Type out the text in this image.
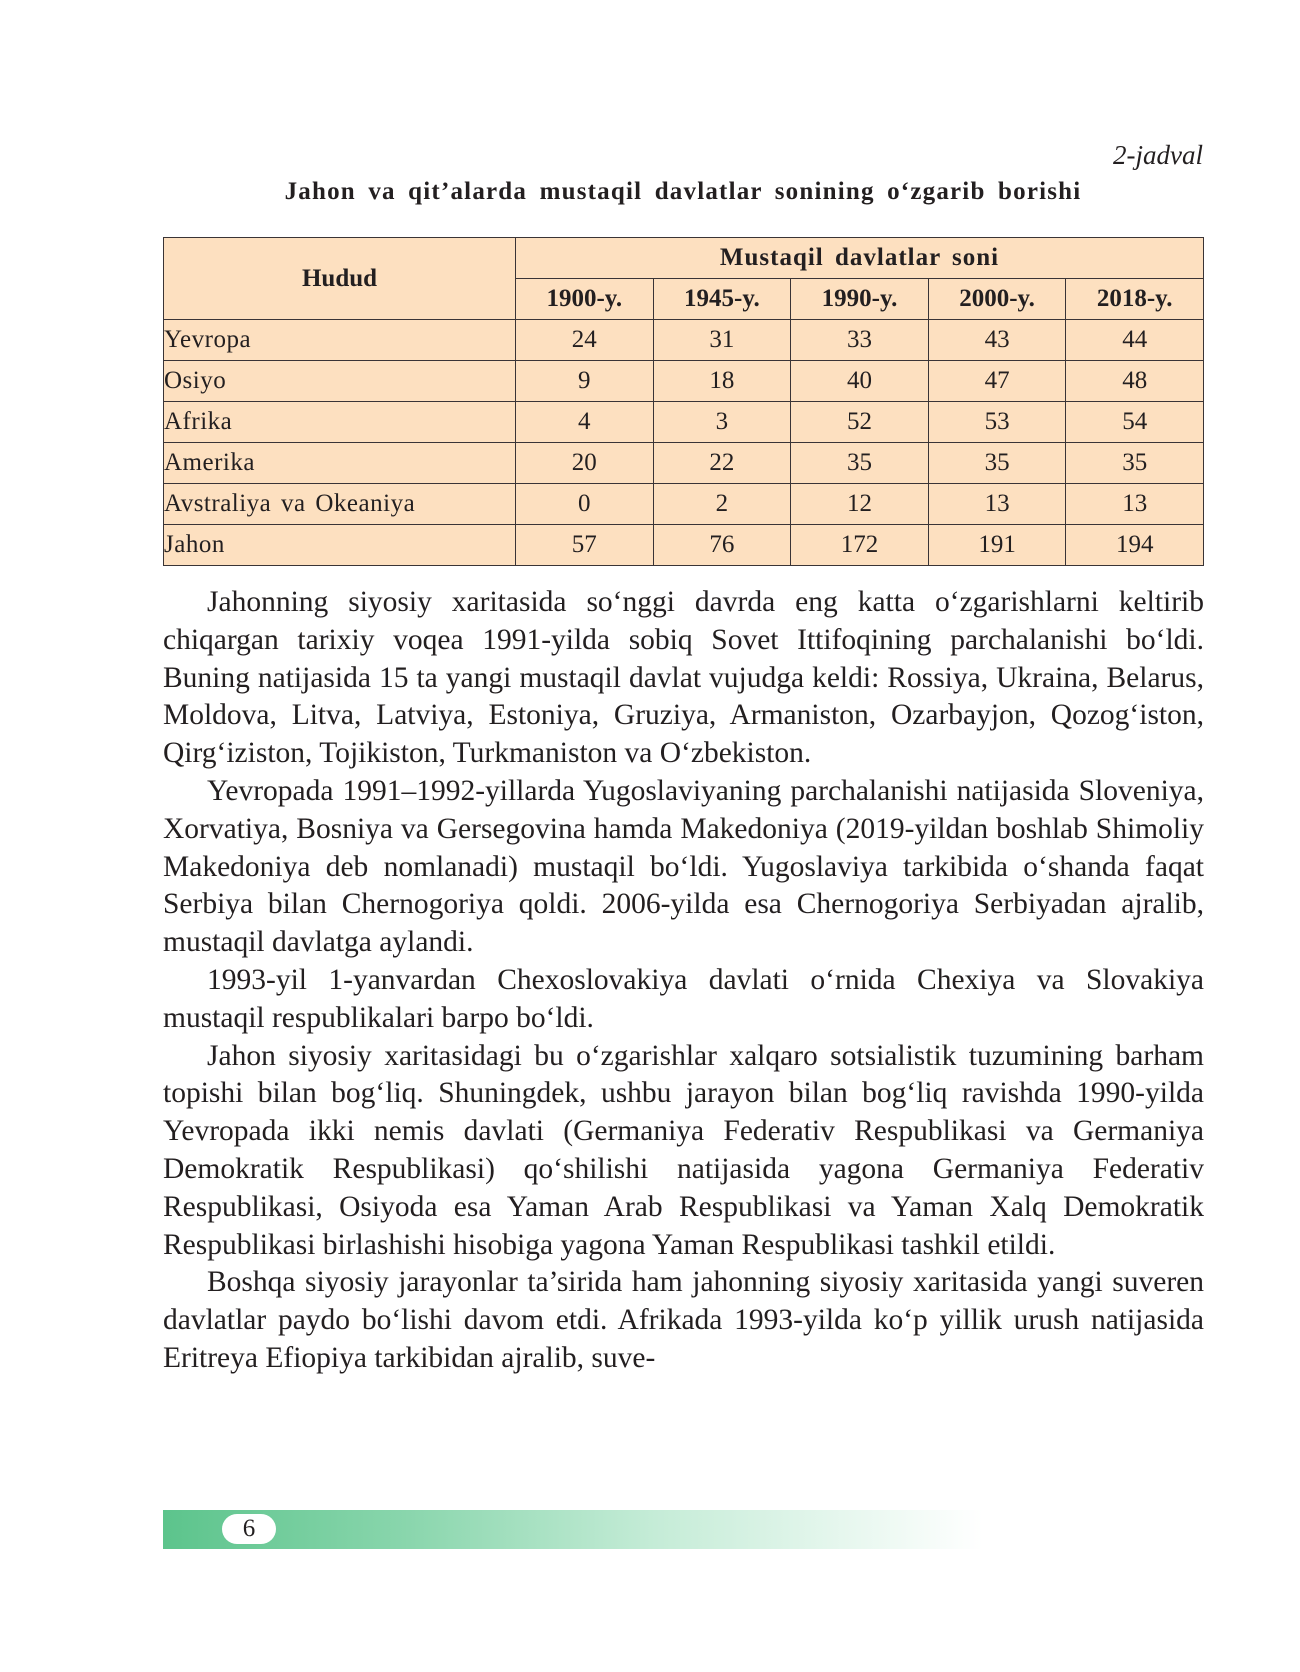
2-jadval
Jahon va qit’alarda mustaqil davlatlar sonining o‘zgarib borishi
Hudud	Mustaqil davlatlar soni				
	1900-y.	1945-y.	1990-y.	2000-y.	2018-y.
Yevropa	24	31	33	43	44
Osiyo	9	18	40	47	48
Afrika	4	3	52	53	54
Amerika	20	22	35	35	35
Avstraliya va Okeaniya	0	2	12	13	13
Jahon	57	76	172	191	194

Jahonning siyosiy xaritasida so‘nggi davrda eng katta o‘zgarishlarni keltirib chiqargan tarixiy voqea 1991-yilda sobiq Sovet Ittifoqining parchalanishi bo‘ldi. Buning natijasida 15 ta yangi mustaqil davlat vujudga keldi: Rossiya, Ukraina, Belarus, Moldova, Litva, Latviya, Estoniya, Gruziya, Armaniston, Ozarbayjon, Qozog‘iston, Qirg‘iziston, Tojikiston, Turkmaniston va O‘zbekiston.

Yevropada 1991–1992-yillarda Yugoslaviyaning parchalanishi natijasida Sloveniya, Xorvatiya, Bosniya va Gersegovina hamda Makedoniya (2019-yildan boshlab Shimoliy Makedoniya deb nomlanadi) mustaqil bo‘ldi. Yugoslaviya tarkibida o‘shanda faqat Serbiya bilan Chernogoriya qoldi. 2006-yilda esa Chernogoriya Serbiyadan ajralib, mustaqil davlatga aylandi.

1993-yil 1-yanvardan Chexoslovakiya davlati o‘rnida Chexiya va Slovakiya mustaqil respublikalari barpo bo‘ldi.

Jahon siyosiy xaritasidagi bu o‘zgarishlar xalqaro sotsialistik tuzumining barham topishi bilan bog‘liq. Shuningdek, ushbu jarayon bilan bog‘liq ravishda 1990-yilda Yevropada ikki nemis davlati (Germaniya Federativ Respublikasi va Germaniya Demokratik Respublikasi) qo‘shilishi natijasida yagona Germaniya Federativ Respublikasi, Osiyoda esa Yaman Arab Respublikasi va Yaman Xalq Demokratik Respublikasi birlashishi hisobiga yagona Yaman Respublikasi tashkil etildi.

Boshqa siyosiy jarayonlar ta’sirida ham jahonning siyosiy xaritasida yangi suveren davlatlar paydo bo‘lishi davom etdi. Afrikada 1993-yilda ko‘p yillik urush natijasida Eritreya Efiopiya tarkibidan ajralib, suve-

6
